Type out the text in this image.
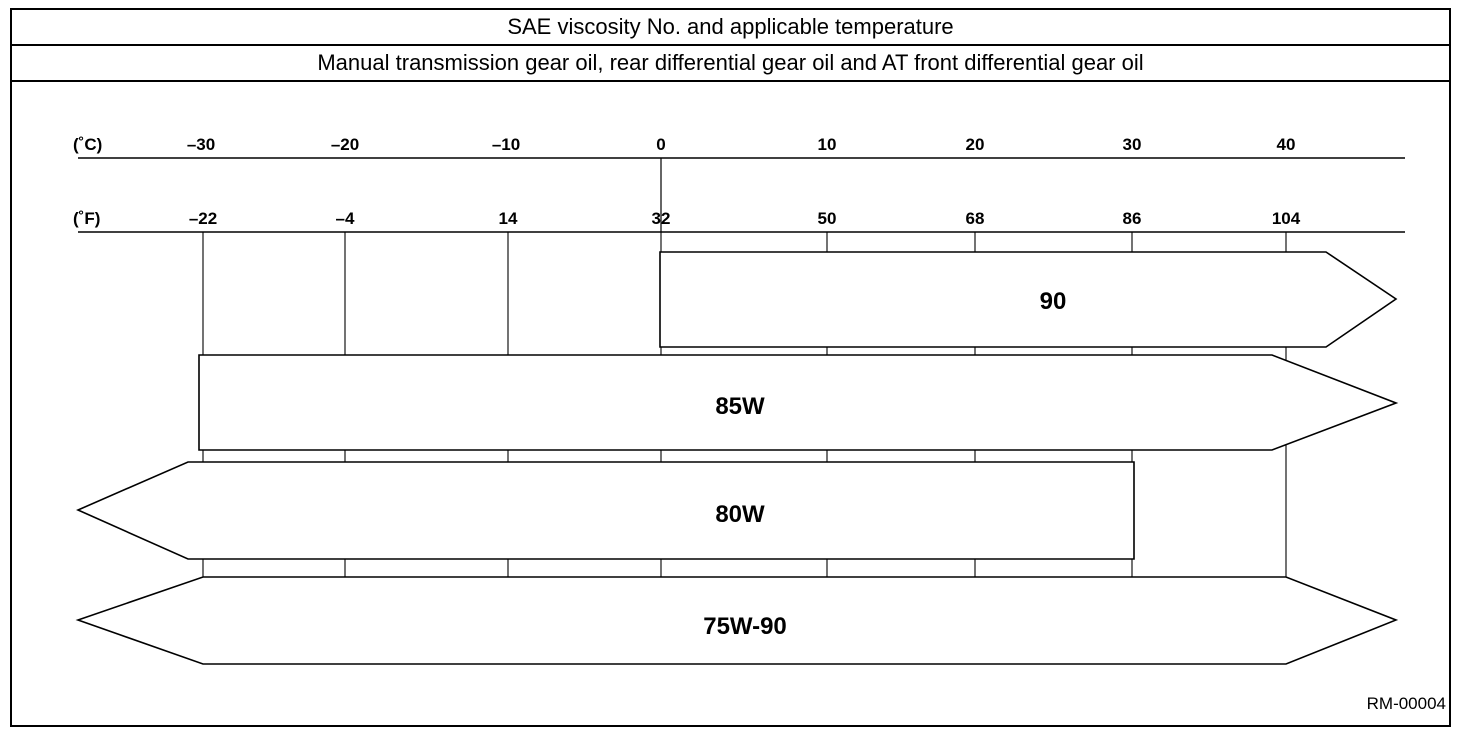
SAE viscosity No. and applicable temperature
Manual transmission gear oil, rear differential gear oil and AT front differential gear oil
90
85W
80W
75W-90
(˚C)
(˚F)
–30	–20	–10	0	10	20	30	40
–22	–4	14	32	50	68	86	104
RM-00004
